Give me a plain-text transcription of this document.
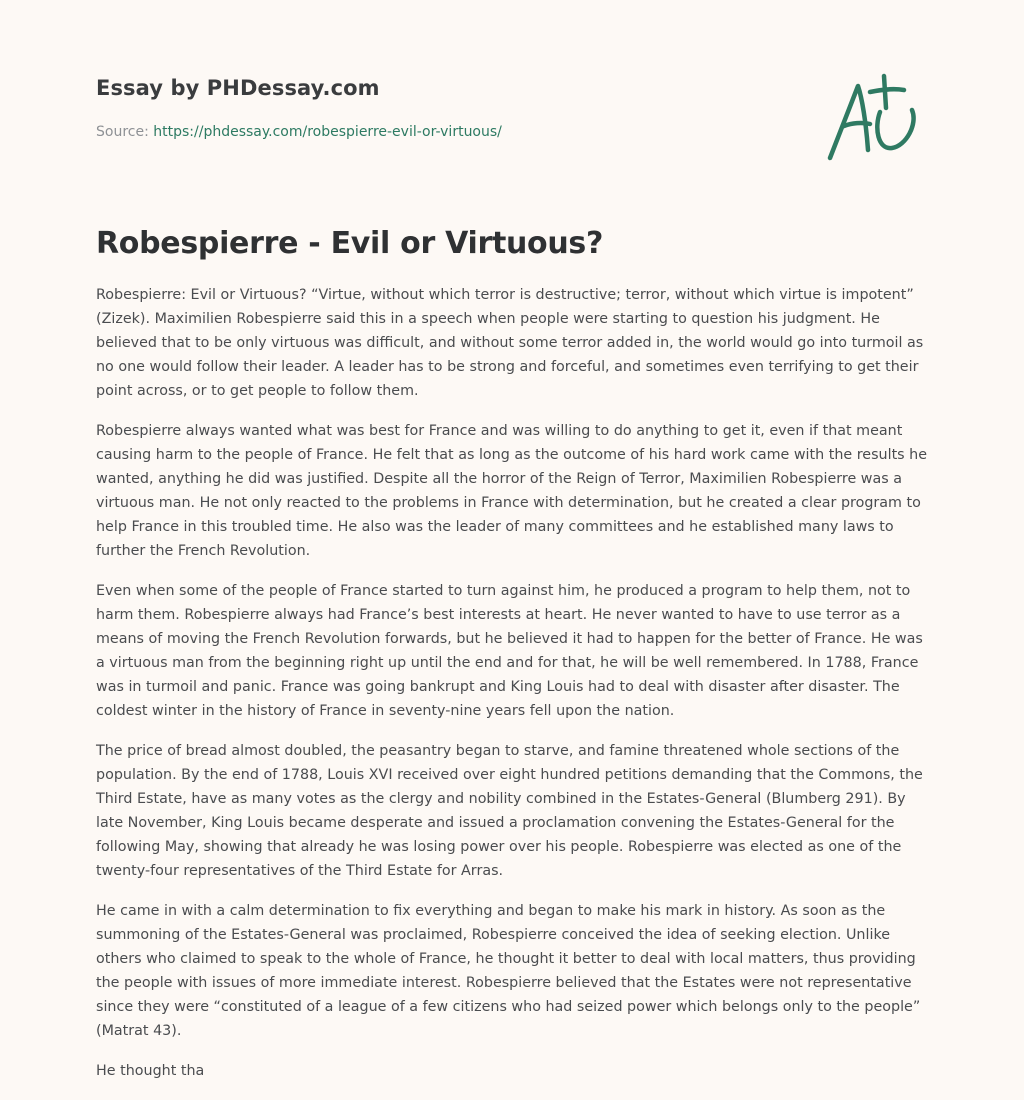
Essay by PHDessay.com
Source: https://phdessay.com/robespierre-evil-or-virtuous/
Robespierre - Evil or Virtuous?

Robespierre: Evil or Virtuous? “Virtue, without which terror is destructive; terror, without which virtue is impotent” (Zizek). Maximilien Robespierre said this in a speech when people were starting to question his judgment. He believed that to be only virtuous was difficult, and without some terror added in, the world would go into turmoil as no one would follow their leader. A leader has to be strong and forceful, and sometimes even terrifying to get their point across, or to get people to follow them.

Robespierre always wanted what was best for France and was willing to do anything to get it, even if that meant causing harm to the people of France. He felt that as long as the outcome of his hard work came with the results he wanted, anything he did was justified. Despite all the horror of the Reign of Terror, Maximilien Robespierre was a virtuous man. He not only reacted to the problems in France with determination, but he created a clear program to help France in this troubled time. He also was the leader of many committees and he established many laws to further the French Revolution.

Even when some of the people of France started to turn against him, he produced a program to help them, not to harm them. Robespierre always had France’s best interests at heart. He never wanted to have to use terror as a means of moving the French Revolution forwards, but he believed it had to happen for the better of France. He was a virtuous man from the beginning right up until the end and for that, he will be well remembered. In 1788, France was in turmoil and panic. France was going bankrupt and King Louis had to deal with disaster after disaster. The coldest winter in the history of France in seventy-nine years fell upon the nation.

The price of bread almost doubled, the peasantry began to starve, and famine threatened whole sections of the population. By the end of 1788, Louis XVI received over eight hundred petitions demanding that the Commons, the Third Estate, have as many votes as the clergy and nobility combined in the Estates-General (Blumberg 291). By late November, King Louis became desperate and issued a proclamation convening the Estates-General for the following May, showing that already he was losing power over his people. Robespierre was elected as one of the twenty-four representatives of the Third Estate for Arras.

He came in with a calm determination to fix everything and began to make his mark in history. As soon as the summoning of the Estates-General was proclaimed, Robespierre conceived the idea of seeking election. Unlike others who claimed to speak to the whole of France, he thought it better to deal with local matters, thus providing the people with issues of more immediate interest. Robespierre believed that the Estates were not representative since they were “constituted of a league of a few citizens who had seized power which belongs only to the people” (Matrat 43).

He thought tha
